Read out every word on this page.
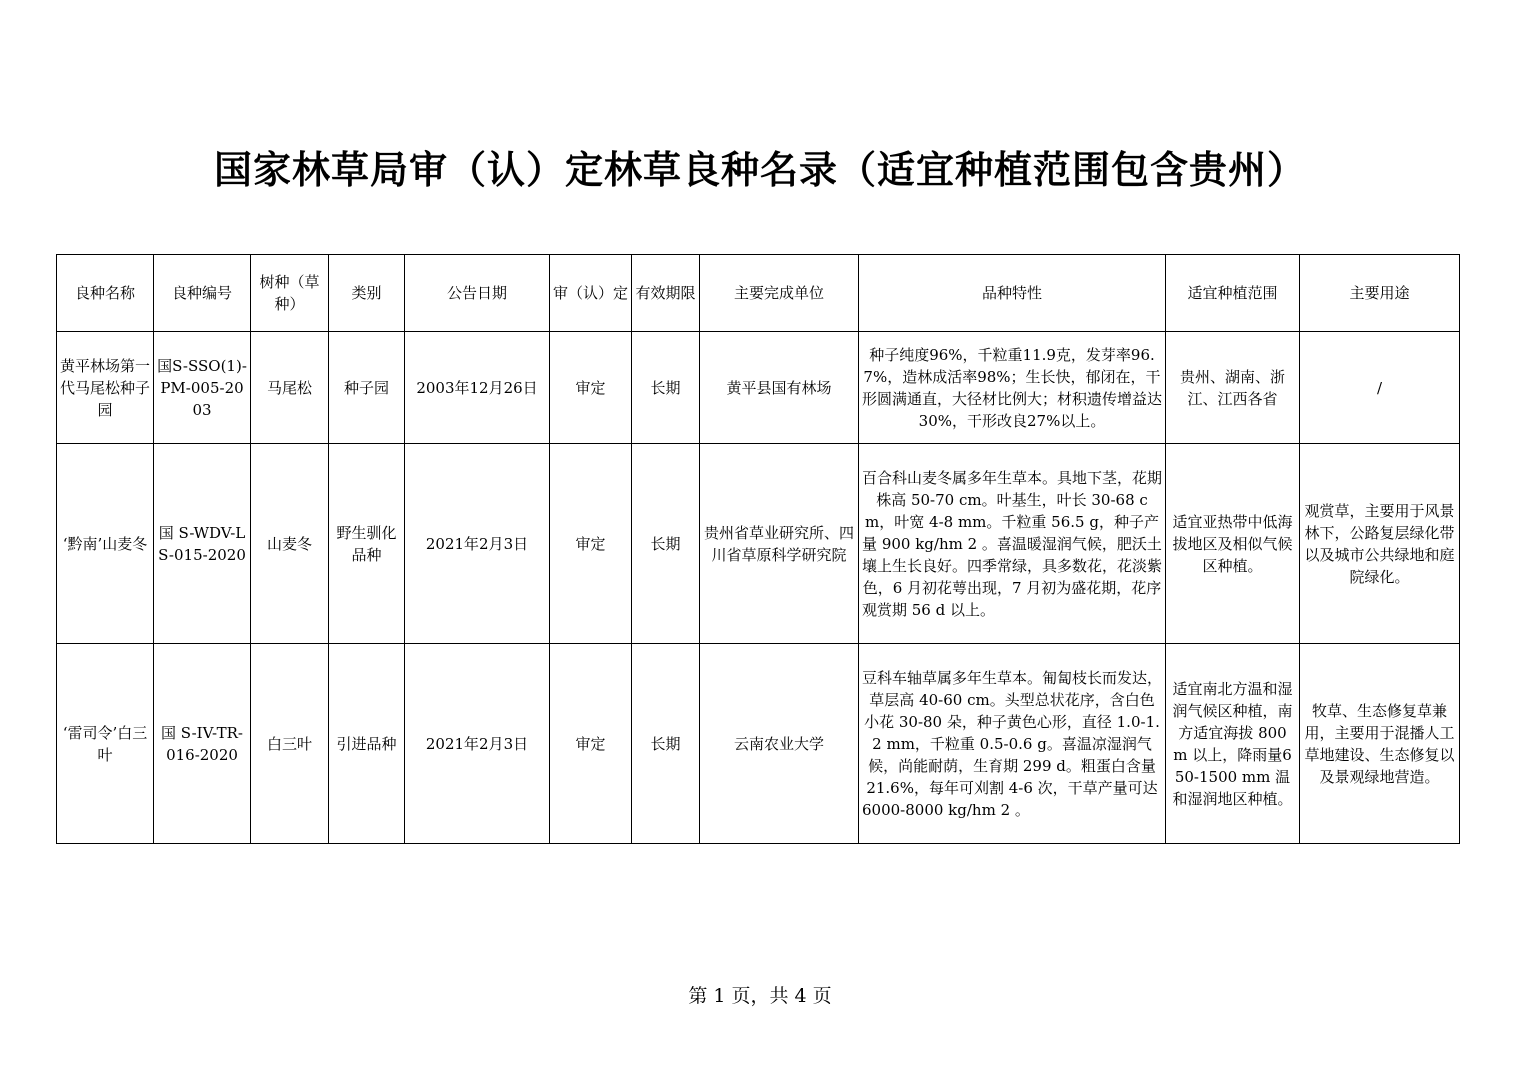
国家林草局审（认）定林草良种名录（适宜种植范围包含贵州）
良种名称	良种编号	树种（草种）	类别	公告日期	审（认）定	有效期限	主要完成单位	品种特性	适宜种植范围	主要用途
黄平林场第一代马尾松种子园	国S-SSO(1)-PM-005-2003	马尾松	种子园	2003年12月26日	审定	长期	黄平县国有林场	种子纯度96%，千粒重11.9克，发芽率96.7%，造林成活率98%；生长快，郁闭在，干形圆满通直，大径材比例大；材积遗传增益达30%，干形改良27%以上。	贵州、湖南、浙江、江西各省	/
‘黔南’山麦冬	国 S-WDV-LS-015-2020	山麦冬	野生驯化品种	2021年2月3日	审定	长期	贵州省草业研究所、四川省草原科学研究院	百合科山麦冬属多年生草本。具地下茎，花期株高 50-70 cm。叶基生，叶长 30-68 cm，叶宽 4-8 mm。千粒重 56.5 g，种子产量 900 kg/hm 2 。喜温暖湿润气候，肥沃土壤上生长良好。四季常绿，具多数花，花淡紫色，6 月初花萼出现，7 月初为盛花期，花序观赏期 56 d 以上。	适宜亚热带中低海拔地区及相似气候区种植。	观赏草，主要用于风景林下，公路复层绿化带以及城市公共绿地和庭院绿化。
‘雷司令’白三叶	国 S-IV-TR-016-2020	白三叶	引进品种	2021年2月3日	审定	长期	云南农业大学	豆科车轴草属多年生草本。匍匐枝长而发达，草层高 40-60 cm。头型总状花序，含白色小花 30-80 朵，种子黄色心形，直径 1.0-1.2 mm，千粒重 0.5-0.6 g。喜温凉湿润气候，尚能耐荫，生育期 299 d。粗蛋白含量 21.6%，每年可刈割 4-6 次，干草产量可达 6000-8000 kg/hm 2 。	适宜南北方温和湿润气候区种植，南方适宜海拔 800 m 以上，降雨量650-1500 mm 温和湿润地区种植。	牧草、生态修复草兼用，主要用于混播人工草地建设、生态修复以及景观绿地营造。
第 1 页，共 4 页
